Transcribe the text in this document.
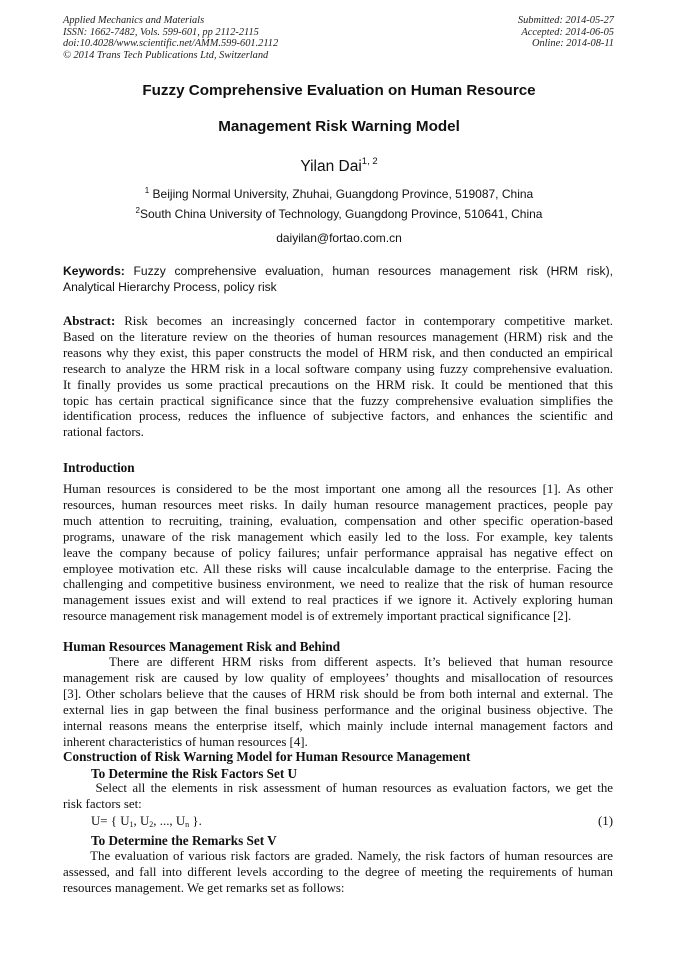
Applied Mechanics and Materials
ISSN: 1662-7482, Vols. 599-601, pp 2112-2115
doi:10.4028/www.scientific.net/AMM.599-601.2112
© 2014 Trans Tech Publications Ltd, Switzerland
Submitted: 2014-05-27
Accepted: 2014-06-05
Online: 2014-08-11
Fuzzy Comprehensive Evaluation on Human Resource
Management Risk Warning Model
Yilan Dai$^{1, 2}$
$^1$ Beijing Normal University, Zhuhai, Guangdong Province, 519087, China
$^2$South China University of Technology, Guangdong Province, 510641, China
daiyilan@fortao.com.cn
Keywords: Fuzzy comprehensive evaluation, human resources management risk (HRM risk), Analytical Hierarchy Process, policy risk
Abstract: Risk becomes an increasingly concerned factor in contemporary competitive market.
Based on the literature review on the theories of human resources management (HRM) risk and the
reasons why they exist, this paper constructs the model of HRM risk, and then conducted an empirical
research to analyze the HRM risk in a local software company using fuzzy comprehensive evaluation.
It finally provides us some practical precautions on the HRM risk. It could be mentioned that this
topic has certain practical significance since that the fuzzy comprehensive evaluation simplifies the
identification process, reduces the influence of subjective factors, and enhances the scientific and
rational factors.
Introduction
Human resources is considered to be the most important one among all the resources [1]. As other
resources, human resources meet risks. In daily human resource management practices, people pay
much attention to recruiting, training, evaluation, compensation and other specific operation-based
programs, unaware of the risk management which easily led to the loss. For example, key talents
leave the company because of policy failures; unfair performance appraisal has negative effect on
employee motivation etc. All these risks will cause incalculable damage to the enterprise. Facing the
challenging and competitive business environment, we need to realize that the risk of human resource
management issues exist and will extend to real practices if we ignore it. Actively exploring human
resource management risk management model is of extremely important practical significance [2].
Human Resources Management Risk and Behind
There are different HRM risks from different aspects. It’s believed that human resource
management risk are caused by low quality of employees’ thoughts and misallocation of resources
[3]. Other scholars believe that the causes of HRM risk should be from both internal and external. The
external lies in gap between the final business performance and the original business objective. The
internal reasons means the enterprise itself, which mainly include internal management factors and
inherent characteristics of human resources [4].
Construction of Risk Warning Model for Human Resource Management
To Determine the Risk Factors Set U
Select all the elements in risk assessment of human resources as evaluation factors, we get the
risk factors set:
U= { $U_1$, $U_2$, ..., $U_n$ }.	(1)
To Determine the Remarks Set V
The evaluation of various risk factors are graded. Namely, the risk factors of human resources are
assessed, and fall into different levels according to the degree of meeting the requirements of human
resources management. We get remarks set as follows:
